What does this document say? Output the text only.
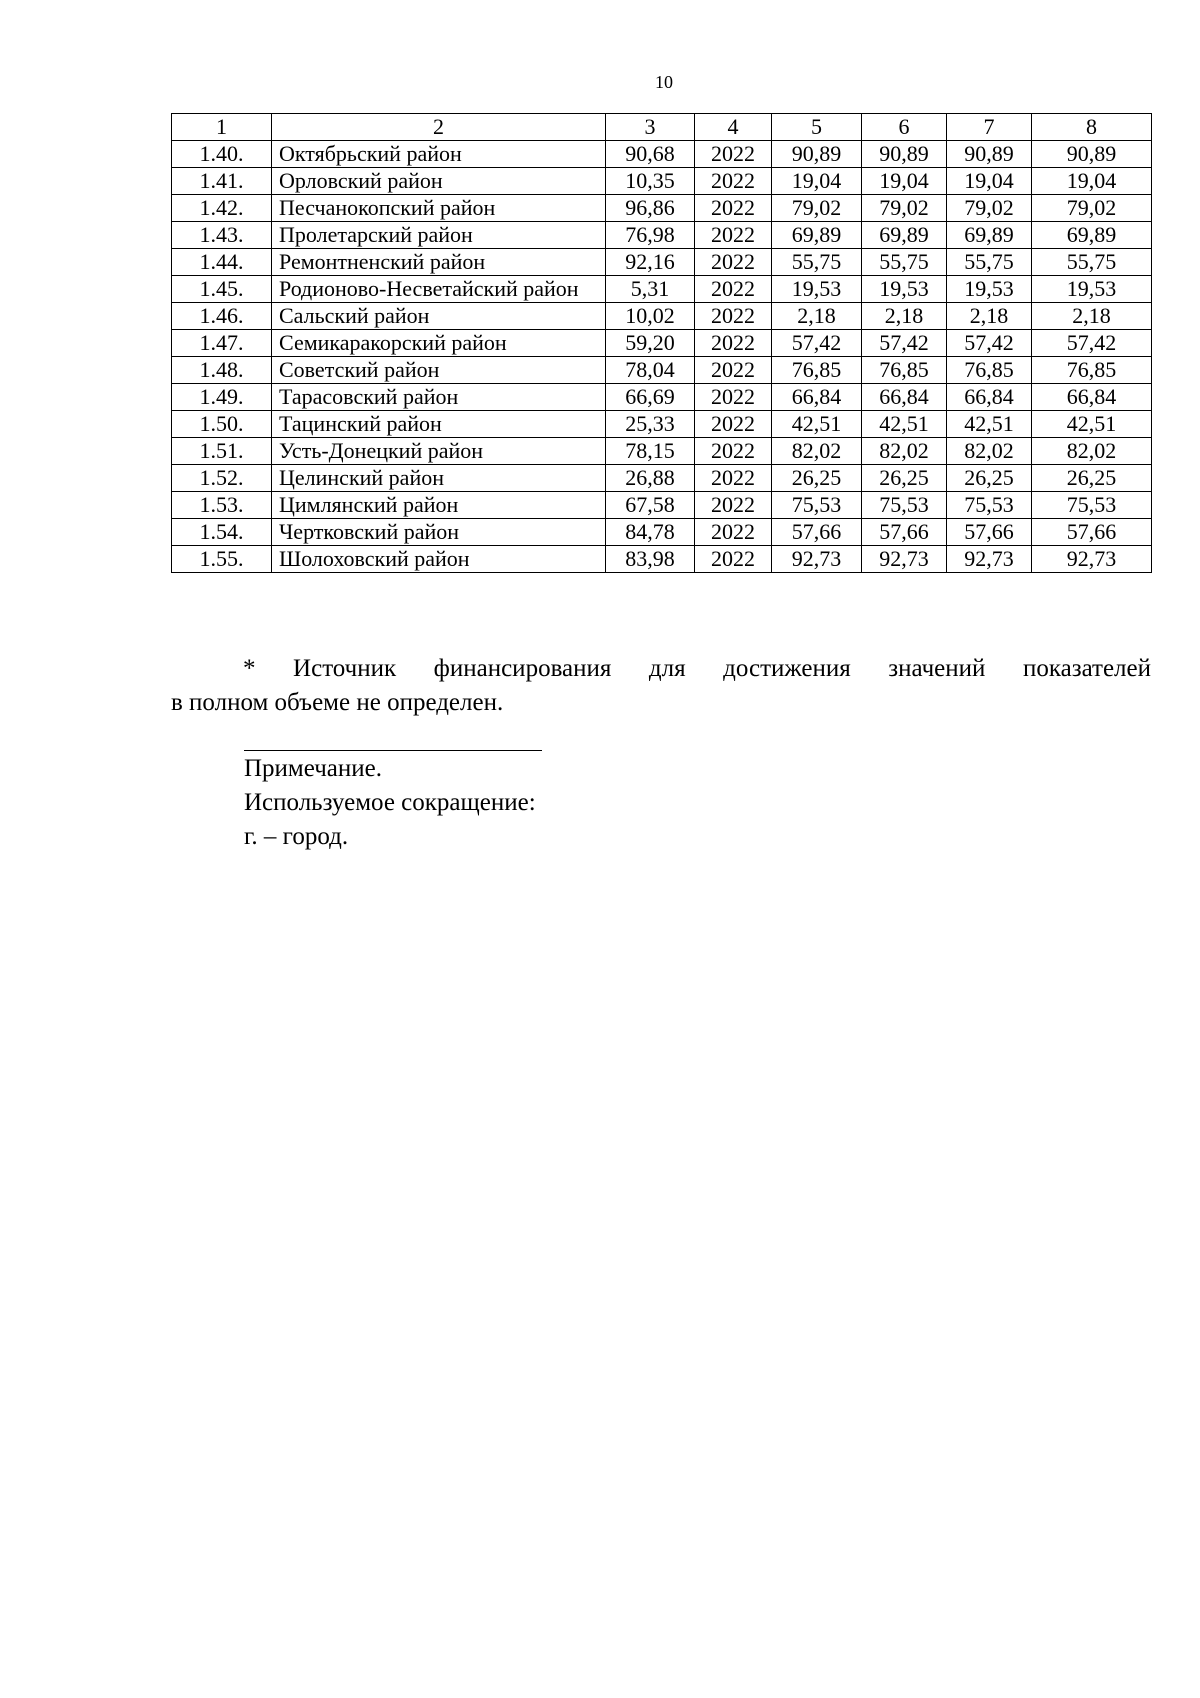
10
1	2	3	4	5	6	7	8
1.40.	Октябрьский район	90,68	2022	90,89	90,89	90,89	90,89
1.41.	Орловский район	10,35	2022	19,04	19,04	19,04	19,04
1.42.	Песчанокопский район	96,86	2022	79,02	79,02	79,02	79,02
1.43.	Пролетарский район	76,98	2022	69,89	69,89	69,89	69,89
1.44.	Ремонтненский район	92,16	2022	55,75	55,75	55,75	55,75
1.45.	Родионово-Несветайский район	5,31	2022	19,53	19,53	19,53	19,53
1.46.	Сальский район	10,02	2022	2,18	2,18	2,18	2,18
1.47.	Семикаракорский район	59,20	2022	57,42	57,42	57,42	57,42
1.48.	Советский район	78,04	2022	76,85	76,85	76,85	76,85
1.49.	Тарасовский район	66,69	2022	66,84	66,84	66,84	66,84
1.50.	Тацинский район	25,33	2022	42,51	42,51	42,51	42,51
1.51.	Усть-Донецкий район	78,15	2022	82,02	82,02	82,02	82,02
1.52.	Целинский район	26,88	2022	26,25	26,25	26,25	26,25
1.53.	Цимлянский район	67,58	2022	75,53	75,53	75,53	75,53
1.54.	Чертковский район	84,78	2022	57,66	57,66	57,66	57,66
1.55.	Шолоховский район	83,98	2022	92,73	92,73	92,73	92,73

* Источник финансирования для достижения значений показателей

в полном объеме не определен.
Примечание.
Используемое сокращение:
г. – город.
